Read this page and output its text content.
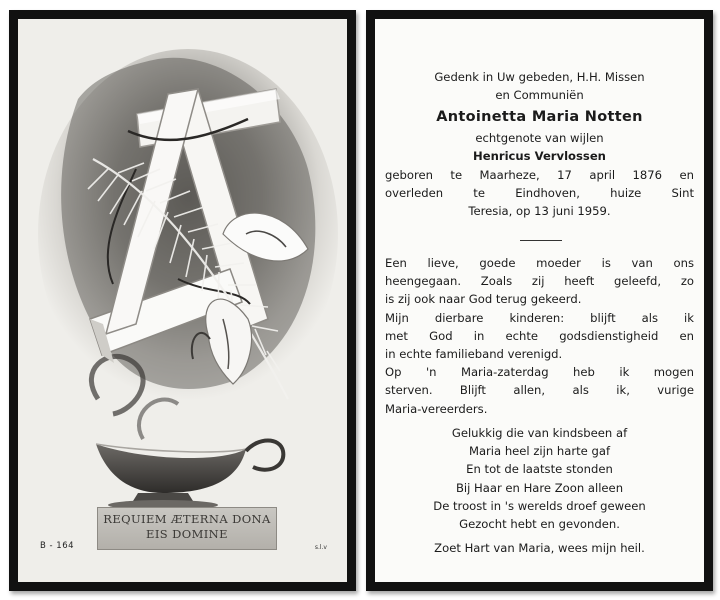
REQUIEM ÆTERNA DONA
EIS DOMINE
B - 164	s.l.v
Gedenk in Uw gebeden, H.H. Missen
en Communiën
Antoinetta Maria Notten
echtgenote van wijlen
Henricus Vervlossen
geboren te Maarheze, 17 april 1876 en
overleden te Eindhoven, huize Sint
Teresia, op 13 juni 1959.
Een lieve, goede moeder is van ons
heengegaan. Zoals zij heeft geleefd, zo
is zij ook naar God terug gekeerd.
Mijn dierbare kinderen: blijft als ik
met God in echte godsdienstigheid en
in echte familieband verenigd.
Op 'n Maria-zaterdag heb ik mogen
sterven. Blijft allen, als ik, vurige
Maria-vereerders.
Gelukkig die van kindsbeen af
Maria heel zijn harte gaf
En tot de laatste stonden
Bij Haar en Hare Zoon alleen
De troost in 's werelds droef geween
Gezocht hebt en gevonden.
Zoet Hart van Maria, wees mijn heil.
